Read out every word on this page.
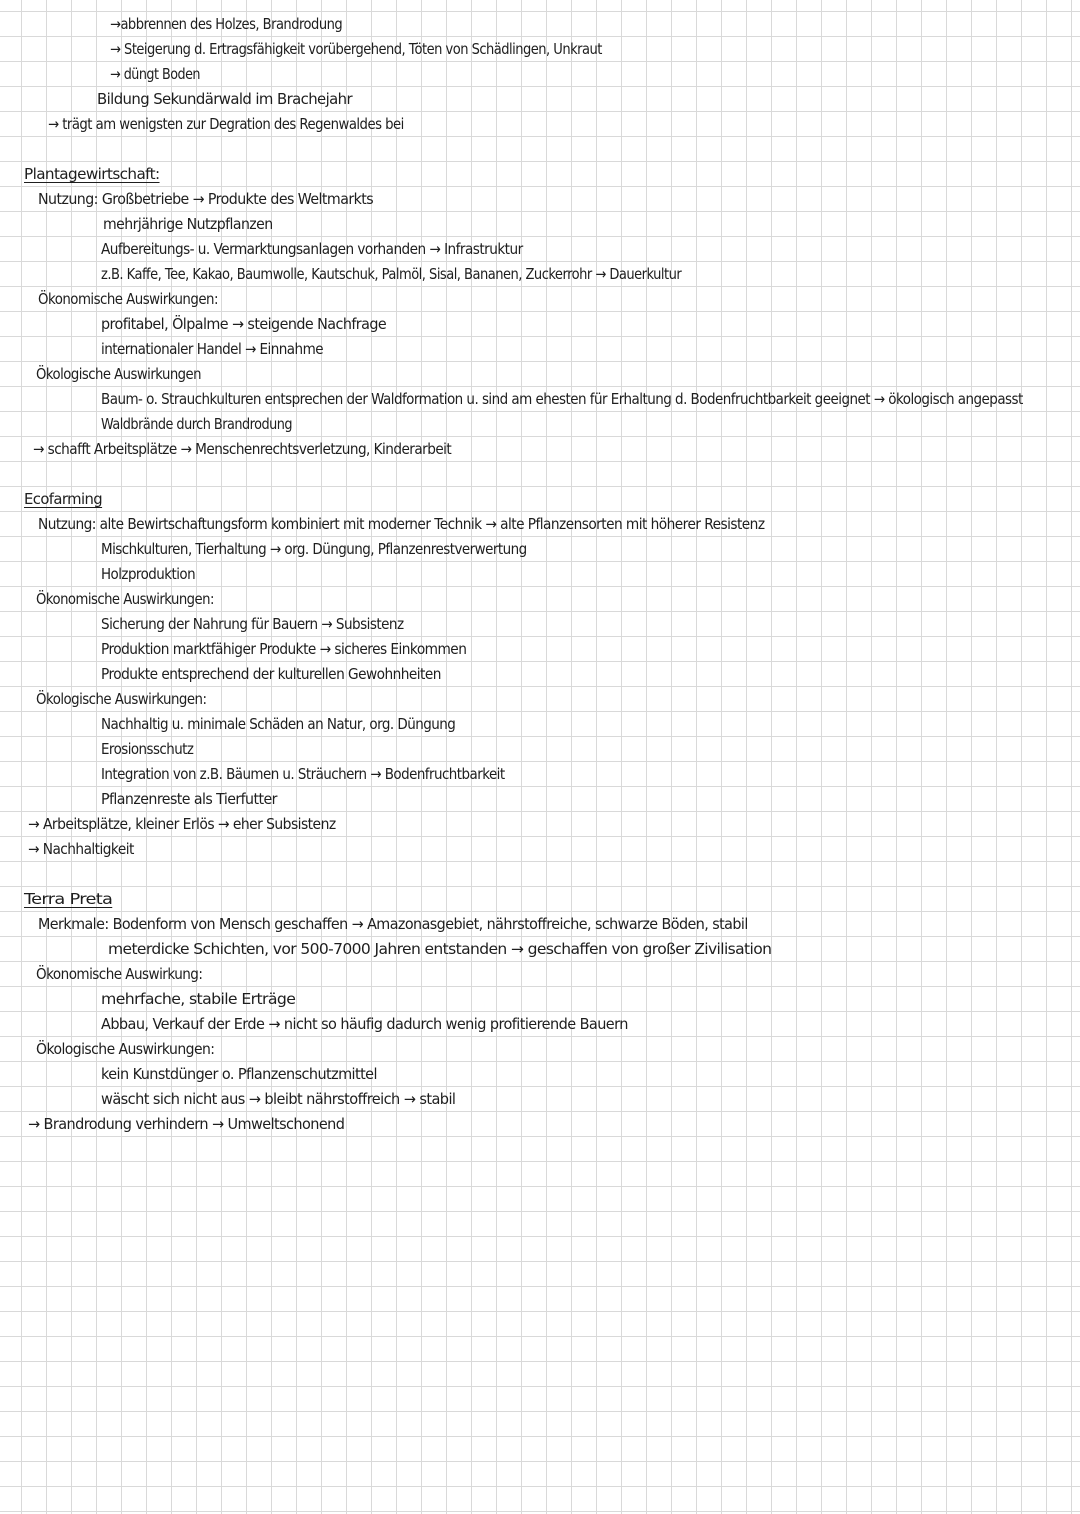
→abbrennen des Holzes, Brandrodung
→ Steigerung d. Ertragsfähigkeit vorübergehend, Töten von Schädlingen, Unkraut
→ düngt Boden
Bildung Sekundärwald im Brachejahr
→ trägt am wenigsten zur Degration des Regenwaldes bei
Plantagewirtschaft:
Nutzung: Großbetriebe → Produkte des Weltmarkts
mehrjährige Nutzpflanzen
Aufbereitungs- u. Vermarktungsanlagen vorhanden → Infrastruktur
z.B. Kaffe, Tee, Kakao, Baumwolle, Kautschuk, Palmöl, Sisal, Bananen, Zuckerrohr → Dauerkultur
Ökonomische Auswirkungen:
profitabel, Ölpalme → steigende Nachfrage
internationaler Handel → Einnahme
Ökologische Auswirkungen
Baum- o. Strauchkulturen entsprechen der Waldformation u. sind am ehesten für Erhaltung d. Bodenfruchtbarkeit geeignet → ökologisch angepasst
Waldbrände durch Brandrodung
→ schafft Arbeitsplätze → Menschenrechtsverletzung, Kinderarbeit
Ecofarming
Nutzung: alte Bewirtschaftungsform kombiniert mit moderner Technik → alte Pflanzensorten mit höherer Resistenz
Mischkulturen, Tierhaltung → org. Düngung, Pflanzenrestverwertung
Holzproduktion
Ökonomische Auswirkungen:
Sicherung der Nahrung für Bauern → Subsistenz
Produktion marktfähiger Produkte → sicheres Einkommen
Produkte entsprechend der kulturellen Gewohnheiten
Ökologische Auswirkungen:
Nachhaltig u. minimale Schäden an Natur, org. Düngung
Erosionsschutz
Integration von z.B. Bäumen u. Sträuchern → Bodenfruchtbarkeit
Pflanzenreste als Tierfutter
→ Arbeitsplätze, kleiner Erlös → eher Subsistenz
→ Nachhaltigkeit
Terra Preta
Merkmale: Bodenform von Mensch geschaffen → Amazonasgebiet, nährstoffreiche, schwarze Böden, stabil
meterdicke Schichten, vor 500-7000 Jahren entstanden → geschaffen von großer Zivilisation
Ökonomische Auswirkung:
mehrfache, stabile Erträge
Abbau, Verkauf der Erde → nicht so häufig dadurch wenig profitierende Bauern
Ökologische Auswirkungen:
kein Kunstdünger o. Pflanzenschutzmittel
wäscht sich nicht aus → bleibt nährstoffreich → stabil
→ Brandrodung verhindern → Umweltschonend
